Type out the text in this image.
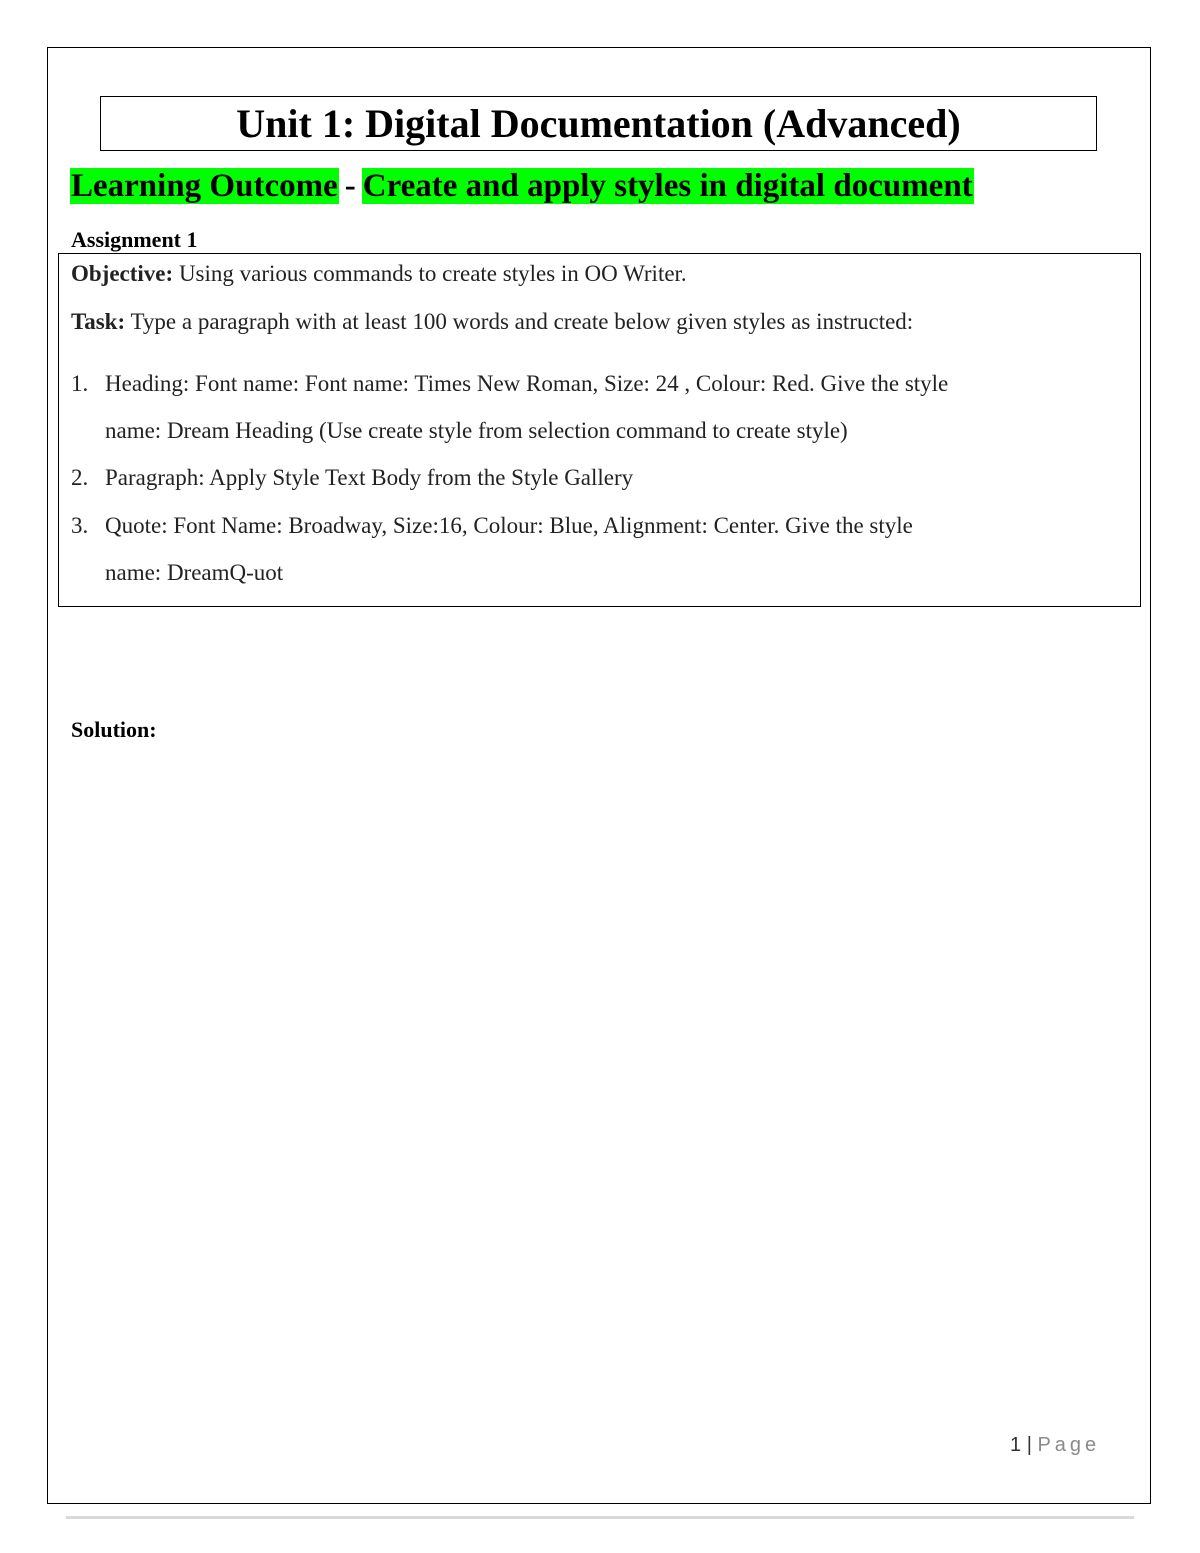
Unit 1: Digital Documentation (Advanced)
Learning Outcome - Create and apply styles in digital document
Assignment 1
Objective: Using various commands to create styles in OO Writer.
Task: Type a paragraph with at least 100 words and create below given styles as instructed:
1. Heading: Font name: Font name: Times New Roman, Size: 24 , Colour: Red. Give the style
name: Dream Heading (Use create style from selection command to create style)
2. Paragraph: Apply Style Text Body from the Style Gallery
3. Quote: Font Name: Broadway, Size:16, Colour: Blue, Alignment: Center. Give the style
name: DreamQ-uot
Solution:
1 | Page
